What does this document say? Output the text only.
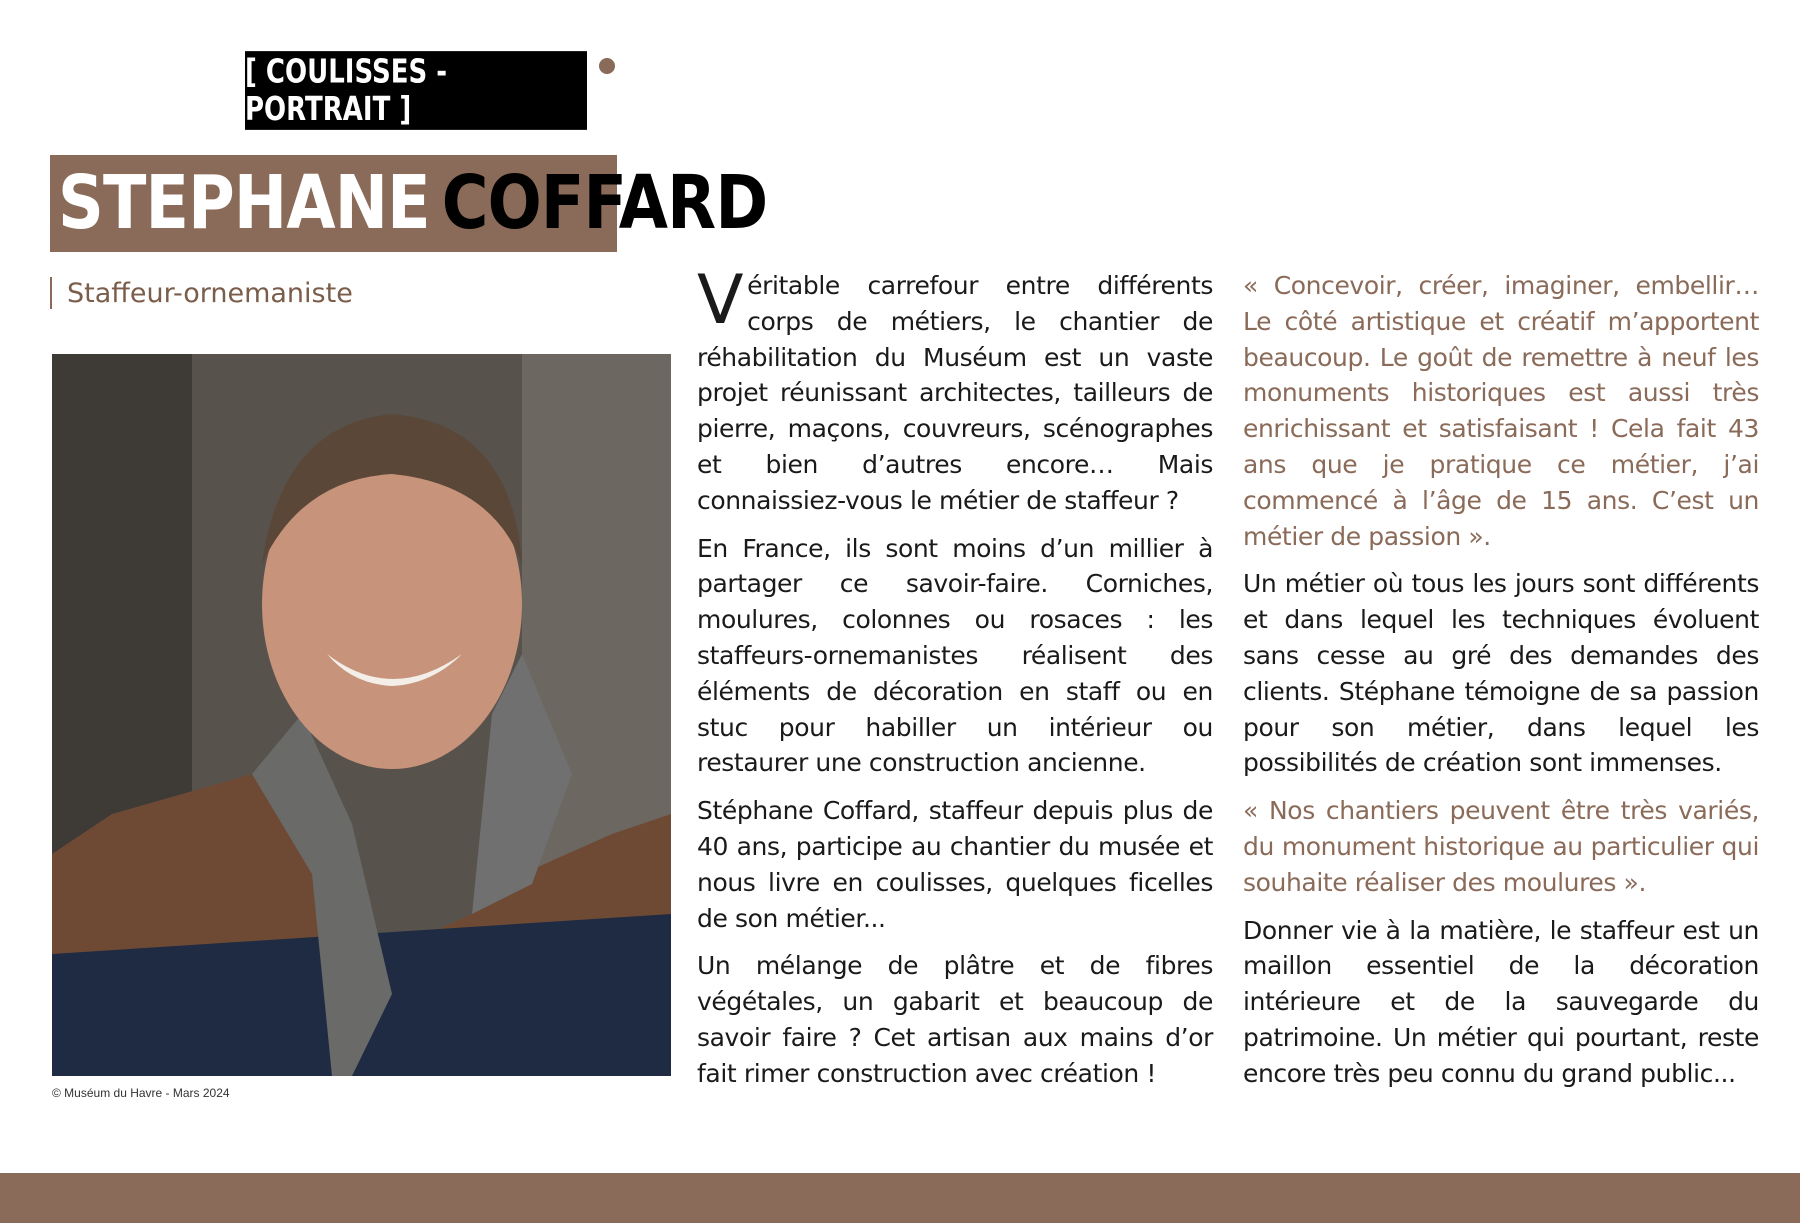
[ COULISSES - PORTRAIT ]
STEPHANE COFFARD
Staffeur-ornemaniste
© Muséum du Havre - Mars 2024

Véritable carrefour entre différents corps de métiers, le chantier de réhabilitation du Muséum est un vaste projet réunissant architectes, tailleurs de pierre, maçons, couvreurs, scénographes et bien d’autres encore… Mais connaissiez-vous le métier de staffeur ?

En France, ils sont moins d’un millier à partager ce savoir-faire. Corniches, moulures, colonnes ou rosaces : les staffeurs-ornemanistes réalisent des éléments de décoration en staff ou en stuc pour habiller un intérieur ou restaurer une construction ancienne.

Stéphane Coffard, staffeur depuis plus de 40 ans, participe au chantier du musée et nous livre en coulisses, quelques ficelles de son métier...

Un mélange de plâtre et de fibres végétales, un gabarit et beaucoup de savoir faire ? Cet artisan aux mains d’or fait rimer construction avec création !

« Concevoir, créer, imaginer, embellir… Le côté artistique et créatif m’apportent beaucoup. Le goût de remettre à neuf les monuments historiques est aussi très enrichissant et satisfaisant ! Cela fait 43 ans que je pratique ce métier, j’ai commencé à l’âge de 15 ans. C’est un métier de passion ».

Un métier où tous les jours sont différents et dans lequel les techniques évoluent sans cesse au gré des demandes des clients. Stéphane témoigne de sa passion pour son métier, dans lequel les possibilités de création sont immenses.

« Nos chantiers peuvent être très variés, du monument historique au particulier qui souhaite réaliser des moulures ».

Donner vie à la matière, le staffeur est un maillon essentiel de la décoration intérieure et de la sauvegarde du patrimoine. Un métier qui pourtant, reste encore très peu connu du grand public...
